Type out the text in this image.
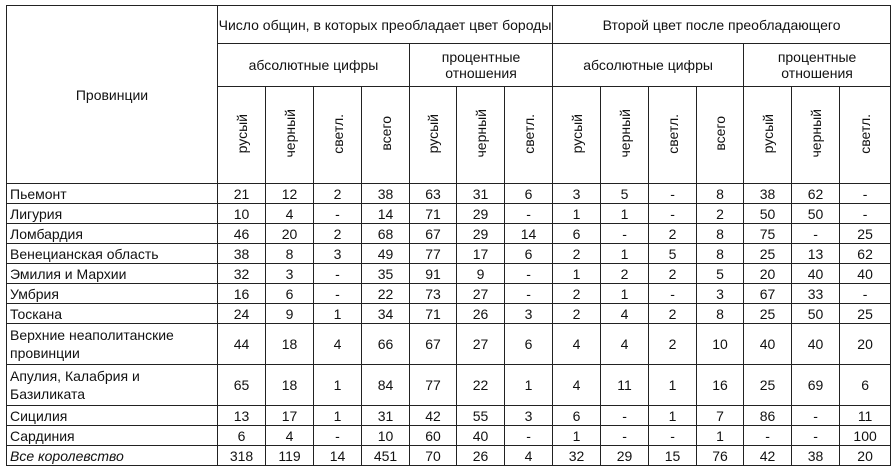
Провинции	Число общин, в которых преобладает цвет бороды							Второй цвет после преобладающего						
	абсолютные цифры				процентные отношения			абсолютные цифры				процентные отношения		
	русый	черный	светл.	всего	русый	черный	светл.	русый	черный	светл.	всего	русый	черный	светл.
Пьемонт	21	12	2	38	63	31	6	3	5	-	8	38	62	-
Лигурия	10	4	-	14	71	29	-	1	1	-	2	50	50	-
Ломбардия	46	20	2	68	67	29	14	6	-	2	8	75	-	25
Венецианская область	38	8	3	49	77	17	6	2	1	5	8	25	13	62
Эмилия и Мархии	32	3	-	35	91	9	-	1	2	2	5	20	40	40
Умбрия	16	6	-	22	73	27	-	2	1	-	3	67	33	-
Тоскана	24	9	1	34	71	26	3	2	4	2	8	25	50	25
Верхние неаполитанские провинции	44	18	4	66	67	27	6	4	4	2	10	40	40	20
Апулия, Калабрия и Базиликата	65	18	1	84	77	22	1	4	11	1	16	25	69	6
Сицилия	13	17	1	31	42	55	3	6	-	1	7	86	-	11
Сардиния	6	4	-	10	60	40	-	1	-	-	1	-	-	100
Все королевство	318	119	14	451	70	26	4	32	29	15	76	42	38	20
